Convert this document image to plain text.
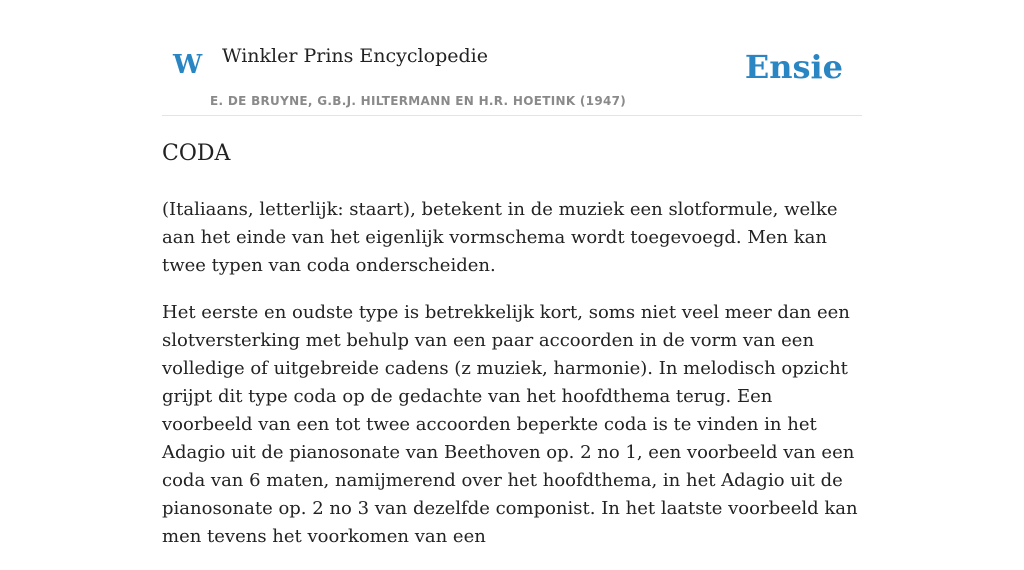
W Winkler Prins Encyclopedie
E. DE BRUYNE, G.B.J. HILTERMANN EN H.R. HOETINK (1947)
Ensie
CODA

(Italiaans, letterlijk: staart), betekent in de muziek een slotformule, welke aan het einde van het eigenlijk vormschema wordt toegevoegd. Men kan twee typen van coda onderscheiden.

Het eerste en oudste type is betrekkelijk kort, soms niet veel meer dan een slotversterking met behulp van een paar accoorden in de vorm van een volledige of uitgebreide cadens (z muziek, harmonie). In melodisch opzicht grijpt dit type coda op de gedachte van het hoofdthema terug. Een voorbeeld van een tot twee accoorden beperkte coda is te vinden in het Adagio uit de pianosonate van Beethoven op. 2 no 1, een voorbeeld van een coda van 6 maten, namijmerend over het hoofdthema, in het Adagio uit de pianosonate op. 2 no 3 van dezelfde componist. In het laatste voorbeeld kan men tevens het voorkomen van een
